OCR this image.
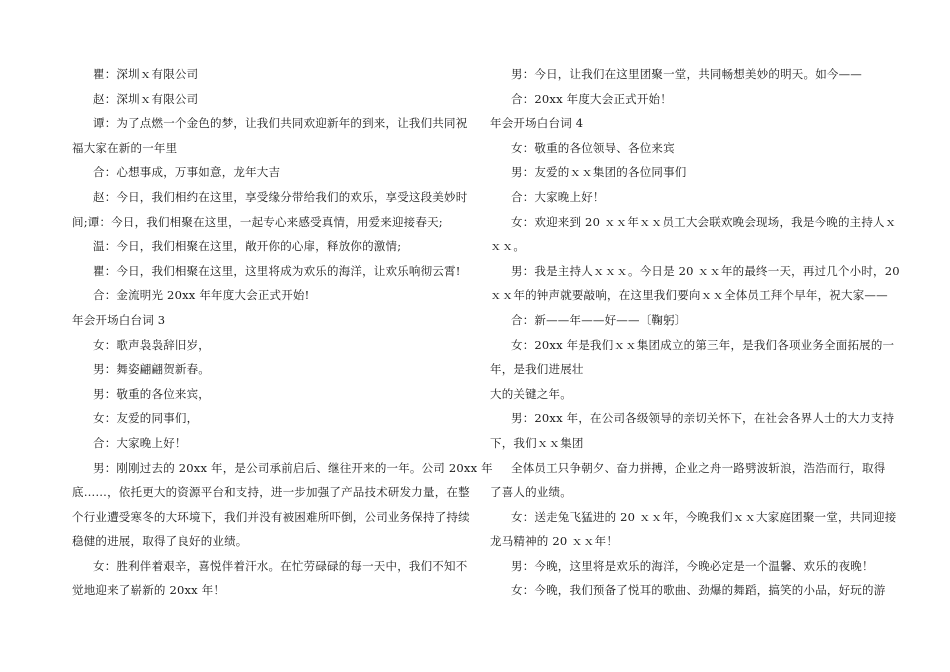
瞿：深圳ｘ有限公司
赵：深圳ｘ有限公司
谭：为了点燃一个金色的梦，让我们共同欢迎新年的到来，让我们共同祝
福大家在新的一年里
合：心想事成，万事如意，龙年大吉
赵：今日，我们相约在这里，享受缘分带给我们的欢乐，享受这段美妙时
间;谭：今日，我们相聚在这里，一起专心来感受真情，用爱来迎接春天;
温：今日，我们相聚在这里，敞开你的心扉，释放你的激情;
瞿：今日，我们相聚在这里，这里将成为欢乐的海洋，让欢乐响彻云霄!
合：金流明光 20xx 年年度大会正式开始!
年会开场白台词 3
女：歌声袅袅辞旧岁，
男：舞姿翩翩贺新春。
男：敬重的各位来宾，
女：友爱的同事们，
合：大家晚上好！
男：刚刚过去的 20xx 年，是公司承前启后、继往开来的一年。公司 20xx 年
底……，依托更大的资源平台和支持，进一步加强了产品技术研发力量，在整
个行业遭受寒冬的大环境下，我们并没有被困难所吓倒，公司业务保持了持续
稳健的进展，取得了良好的业绩。
女：胜利伴着艰辛，喜悦伴着汗水。在忙劳碌碌的每一天中，我们不知不
觉地迎来了崭新的 20xx 年！
男：今日，让我们在这里团聚一堂，共同畅想美妙的明天。如今——
合：20xx 年度大会正式开始！
年会开场白台词 4
女：敬重的各位领导、各位来宾
男：友爱的ｘｘ集团的各位同事们
合：大家晚上好！
女：欢迎来到 20 ｘｘ年ｘｘ员工大会联欢晚会现场，我是今晚的主持人ｘ
ｘｘ。
男：我是主持人ｘｘｘ。今日是 20 ｘｘ年的最终一天，再过几个小时，20
ｘｘ年的钟声就要敲响，在这里我们要向ｘｘ全体员工拜个早年，祝大家——
合：新——年——好——〔鞠躬〕
女：20xx 年是我们ｘｘ集团成立的第三年，是我们各项业务全面拓展的一
年，是我们进展壮
大的关键之年。
男：20xx 年，在公司各级领导的亲切关怀下，在社会各界人士的大力支持
下，我们ｘｘ集团
全体员工只争朝夕、奋力拼搏，企业之舟一路劈波斩浪，浩浩而行，取得
了喜人的业绩。
女：送走兔飞猛进的 20 ｘｘ年，今晚我们ｘｘ大家庭团聚一堂，共同迎接
龙马精神的 20 ｘｘ年！
男：今晚，这里将是欢乐的海洋，今晚必定是一个温馨、欢乐的夜晚！
女：今晚，我们预备了悦耳的歌曲、劲爆的舞蹈，搞笑的小品，好玩的游
